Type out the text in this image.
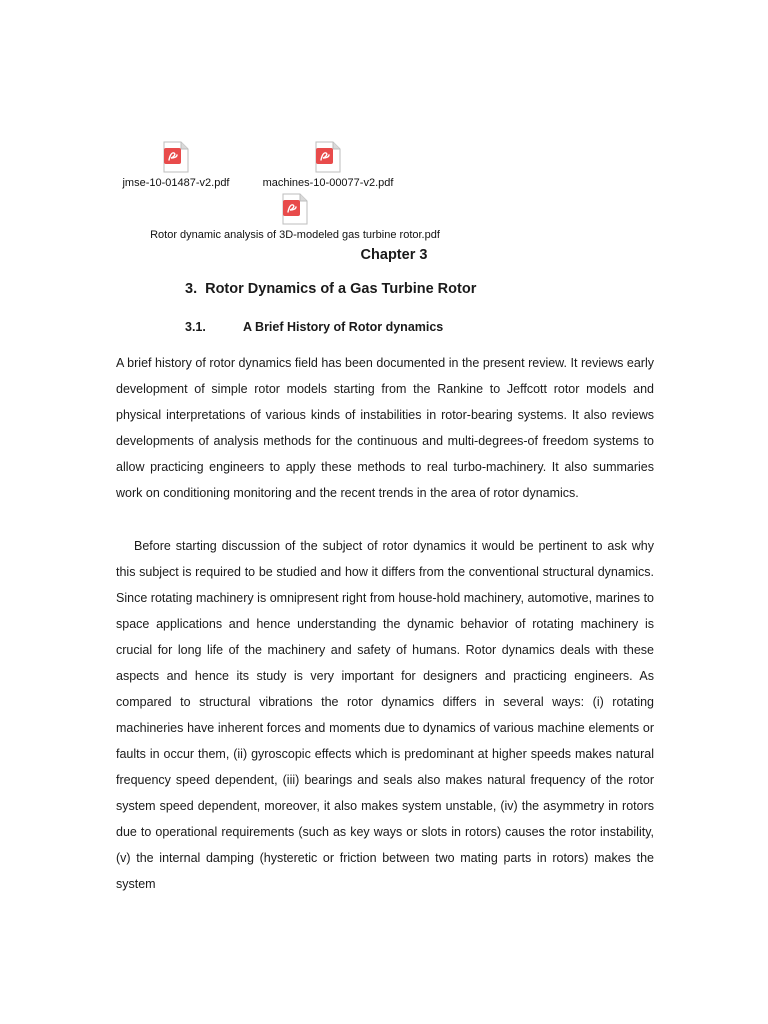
jmse-10-01487-v2.pdf	machines-10-00077-v2.pdf
Rotor dynamic analysis of 3D-modeled gas turbine rotor.pdf
Chapter 3
3. Rotor Dynamics of a Gas Turbine Rotor
3.1.	A Brief History of Rotor dynamics

A brief history of rotor dynamics field has been documented in the present review. It reviews early development of simple rotor models starting from the Rankine to Jeffcott rotor models and physical interpretations of various kinds of instabilities in rotor-bearing systems. It also reviews developments of analysis methods for the continuous and multi-degrees-of freedom systems to allow practicing engineers to apply these methods to real turbo-machinery. It also summaries work on conditioning monitoring and the recent trends in the area of rotor dynamics.

Before starting discussion of the subject of rotor dynamics it would be pertinent to ask why this subject is required to be studied and how it differs from the conventional structural dynamics. Since rotating machinery is omnipresent right from house-hold machinery, automotive, marines to space applications and hence understanding the dynamic behavior of rotating machinery is crucial for long life of the machinery and safety of humans. Rotor dynamics deals with these aspects and hence its study is very important for designers and practicing engineers. As compared to structural vibrations the rotor dynamics differs in several ways: (i) rotating machineries have inherent forces and moments due to dynamics of various machine elements or faults in occur them, (ii) gyroscopic effects which is predominant at higher speeds makes natural frequency speed dependent, (iii) bearings and seals also makes natural frequency of the rotor system speed dependent, moreover, it also makes system unstable, (iv) the asymmetry in rotors due to operational requirements (such as key ways or slots in rotors) causes the rotor instability, (v) the internal damping (hysteretic or friction between two mating parts in rotors) makes the system
